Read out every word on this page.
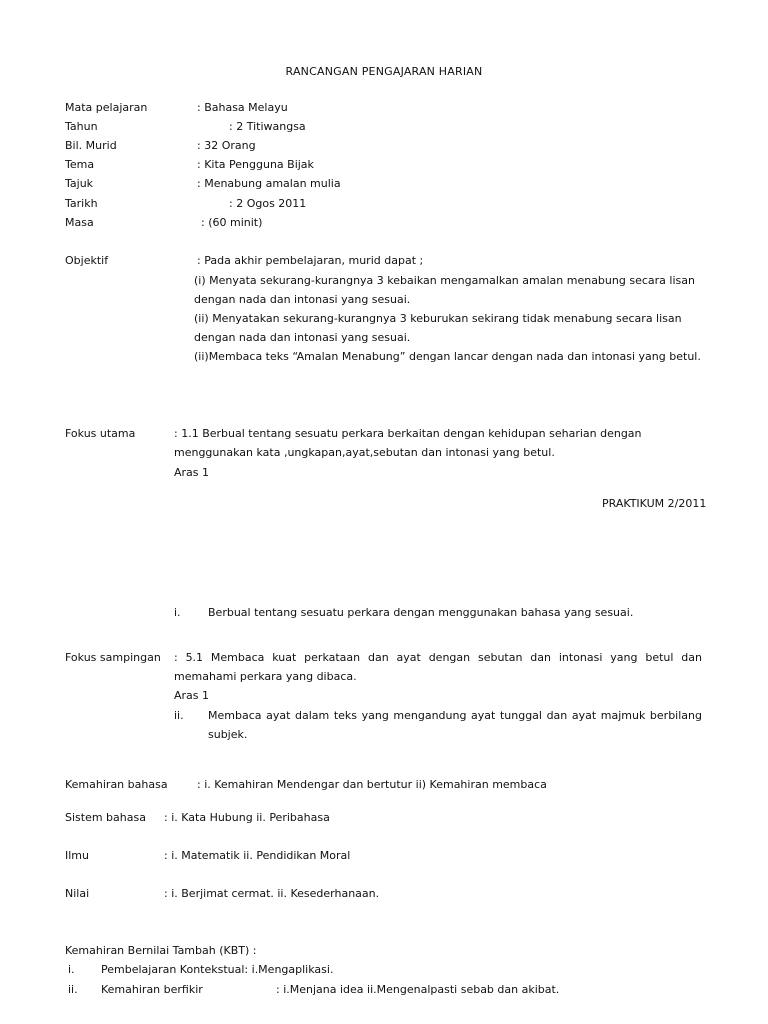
RANCANGAN PENGAJARAN HARIAN
Mata pelajaran	: Bahasa Melayu
Tahun	: 2 Titiwangsa
Bil. Murid	: 32 Orang
Tema	: Kita Pengguna Bijak
Tajuk	: Menabung amalan mulia
Tarikh	: 2 Ogos 2011
Masa	: (60 minit)
Objektif	: Pada akhir pembelajaran, murid dapat ;
(i) Menyata sekurang-kurangnya 3 kebaikan mengamalkan amalan menabung secara lisan
dengan nada dan intonasi yang sesuai.
(ii) Menyatakan sekurang-kurangnya 3 keburukan sekirang tidak menabung secara lisan
dengan nada dan intonasi yang sesuai.
(ii)Membaca teks “Amalan Menabung” dengan lancar dengan nada dan intonasi yang betul.
Fokus utama	: 1.1 Berbual tentang sesuatu perkara berkaitan dengan kehidupan seharian dengan
menggunakan kata ,ungkapan,ayat,sebutan dan intonasi yang betul.
Aras 1
PRAKTIKUM 2/2011
i. Berbual tentang sesuatu perkara dengan menggunakan bahasa yang sesuai.
Fokus sampingan : 5.1 Membaca kuat perkataan dan ayat dengan sebutan dan intonasi yang betul dan
memahami perkara yang dibaca.
Aras 1
ii. Membaca ayat dalam teks yang mengandung ayat tunggal dan ayat majmuk berbilang
subjek.
Kemahiran bahasa	: i. Kemahiran Mendengar dan bertutur ii) Kemahiran membaca
Sistem bahasa : i. Kata Hubung ii. Peribahasa
Ilmu	: i. Matematik ii. Pendidikan Moral
Nilai	: i. Berjimat cermat. ii. Kesederhanaan.
Kemahiran Bernilai Tambah (KBT) :
i. Pembelajaran Kontekstual: i.Mengaplikasi.
ii. Kemahiran berfikir	: i.Menjana idea ii.Mengenalpasti sebab dan akibat.
